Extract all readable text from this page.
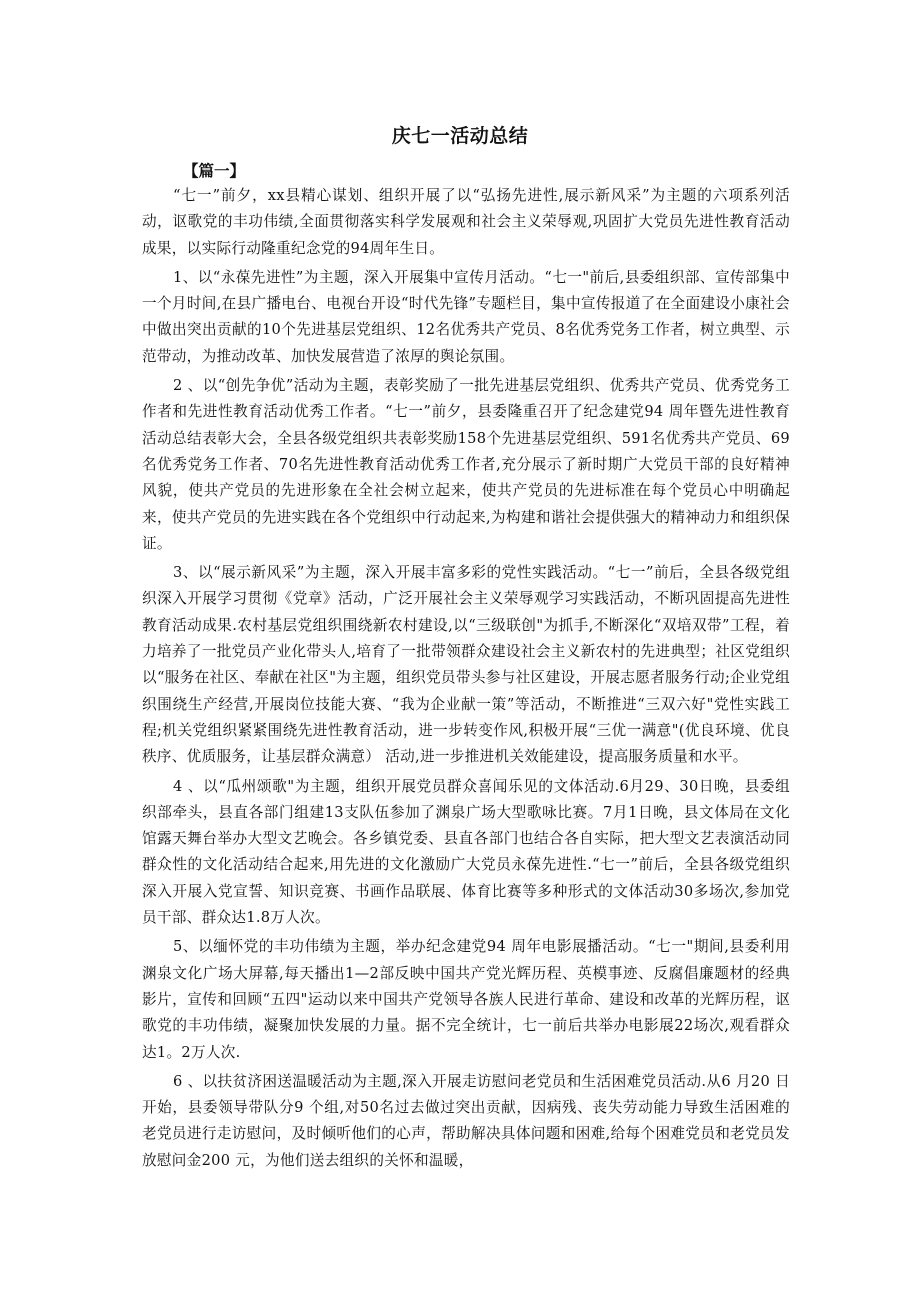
庆七一活动总结
【篇一】

“七一”前夕，xx县精心谋划、组织开展了以“弘扬先进性,展示新风采”为主题的六项系列活动，讴歌党的丰功伟绩,全面贯彻落实科学发展观和社会主义荣辱观,巩固扩大党员先进性教育活动成果，以实际行动隆重纪念党的94周年生日。

1、以“永葆先进性”为主题，深入开展集中宣传月活动。“七一"前后,县委组织部、宣传部集中一个月时间,在县广播电台、电视台开设“时代先锋”专题栏目，集中宣传报道了在全面建设小康社会中做出突出贡献的10个先进基层党组织、12名优秀共产党员、8名优秀党务工作者，树立典型、示范带动，为推动改革、加快发展营造了浓厚的舆论氛围。

2 、以“创先争优”活动为主题，表彰奖励了一批先进基层党组织、优秀共产党员、优秀党务工作者和先进性教育活动优秀工作者。“七一”前夕，县委隆重召开了纪念建党94 周年暨先进性教育活动总结表彰大会，全县各级党组织共表彰奖励158个先进基层党组织、591名优秀共产党员、69名优秀党务工作者、70名先进性教育活动优秀工作者,充分展示了新时期广大党员干部的良好精神风貌，使共产党员的先进形象在全社会树立起来，使共产党员的先进标准在每个党员心中明确起来，使共产党员的先进实践在各个党组织中行动起来,为构建和谐社会提供强大的精神动力和组织保证。

3、以“展示新风采”为主题，深入开展丰富多彩的党性实践活动。“七一”前后，全县各级党组织深入开展学习贯彻《党章》活动，广泛开展社会主义荣辱观学习实践活动，不断巩固提高先进性教育活动成果.农村基层党组织围绕新农村建设,以“三级联创"为抓手,不断深化“双培双带”工程，着力培养了一批党员产业化带头人,培育了一批带领群众建设社会主义新农村的先进典型；社区党组织以“服务在社区、奉献在社区"为主题，组织党员带头参与社区建设，开展志愿者服务行动;企业党组织围绕生产经营,开展岗位技能大赛、“我为企业献一策”等活动，不断推进“三双六好"党性实践工程;机关党组织紧紧围绕先进性教育活动，进一步转变作风,积极开展“三优一满意"(优良环境、优良秩序、优质服务，让基层群众满意） 活动,进一步推进机关效能建设，提高服务质量和水平。

4 、以“瓜州颂歌"为主题，组织开展党员群众喜闻乐见的文体活动.6月29、30日晚，县委组织部牵头，县直各部门组建13支队伍参加了渊泉广场大型歌咏比赛。7月1日晚，县文体局在文化馆露天舞台举办大型文艺晚会。各乡镇党委、县直各部门也结合各自实际，把大型文艺表演活动同群众性的文化活动结合起来,用先进的文化激励广大党员永葆先进性.“七一”前后，全县各级党组织深入开展入党宣誓、知识竞赛、书画作品联展、体育比赛等多种形式的文体活动30多场次,参加党员干部、群众达1.8万人次。

5、以缅怀党的丰功伟绩为主题，举办纪念建党94 周年电影展播活动。“七一"期间,县委利用渊泉文化广场大屏幕,每天播出1—2部反映中国共产党光辉历程、英模事迹、反腐倡廉题材的经典影片，宣传和回顾“五四"运动以来中国共产党领导各族人民进行革命、建设和改革的光辉历程，讴歌党的丰功伟绩，凝聚加快发展的力量。据不完全统计，七一前后共举办电影展22场次,观看群众达1。2万人次.

6 、以扶贫济困送温暖活动为主题,深入开展走访慰问老党员和生活困难党员活动.从6 月20 日开始，县委领导带队分9 个组,对50名过去做过突出贡献，因病残、丧失劳动能力导致生活困难的老党员进行走访慰问，及时倾听他们的心声，帮助解决具体问题和困难,给每个困难党员和老党员发放慰问金200 元，为他们送去组织的关怀和温暖，
